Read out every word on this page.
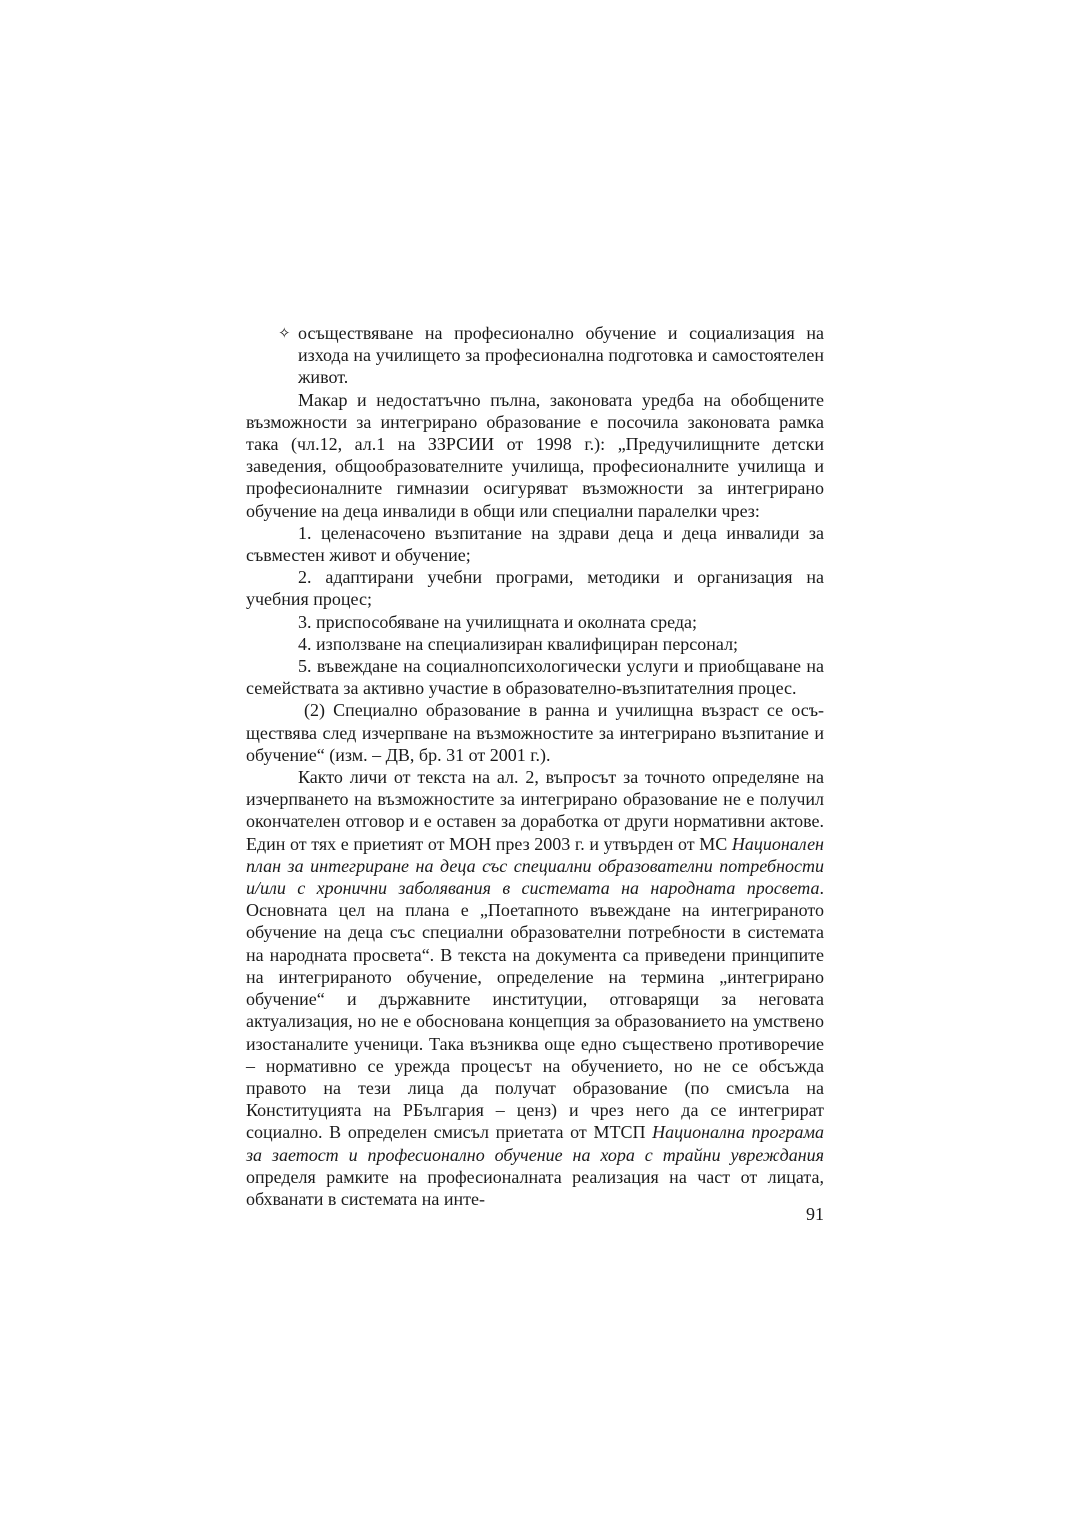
✧ осъществяване на професионално обучение и социализация на изхода на училището за професионална подготовка и самостоятелен живот.

Макар и недостатъчно пълна, законовата уредба на обобщените възможности за интегрирано образование е посочила законовата рамка така (чл.12, ал.1 на ЗЗРСИИ от 1998 г.): „Предучилищните детски заведения, общообразователните училища, професионалните училища и професионалните гимназии осигуряват възможности за интегрирано обучение на деца инвалиди в общи или специални паралелки чрез:

1. целенасочено възпитание на здрави деца и деца инвалиди за съвместен живот и обучение;

2. адаптирани учебни програми, методики и организация на учебния процес;

3. приспособяване на училищната и околната среда;

4. използване на специализиран квалифициран персонал;

5. въвеждане на социалнопсихологически услуги и приобщаване на семействата за активно участие в образователно-възпитателния процес.

(2) Специално образование в ранна и училищна възраст се осъществява след изчерпване на възможностите за интегрирано възпитание и обучение“ (изм. – ДВ, бр. 31 от 2001 г.).

Както личи от текста на ал. 2, въпросът за точното определяне на изчерпването на възможностите за интегрирано образование не е получил окончателен отговор и е оставен за доработка от други нормативни актове. Един от тях е приетият от МОН през 2003 г. и утвърден от МС Национален план за интегриране на деца със специални образователни потребности и/или с хронични заболявания в системата на народната просвета. Основната цел на плана е „Поетапното въвеждане на интегрираното обучение на деца със специални образователни потребности в системата на народната просвета“. В текста на документа са приведени принципите на интегрираното обучение, определение на термина „интегрирано обучение“ и държавните институции, отговарящи за неговата актуализация, но не е обоснована концепция за образованието на умствено изостаналите ученици. Така възниква още едно съществено противоречие – нормативно се урежда процесът на обучението, но не се обсъжда правото на тези лица да получат образование (по смисъла на Конституцията на РБългария – ценз) и чрез него да се интегрират социално. В определен смисъл приетата от МТСП Национална програма за заетост и професионално обучение на хора с трайни увреждания определя рамките на професионалната реализация на част от лицата, обхванати в системата на инте-

91
